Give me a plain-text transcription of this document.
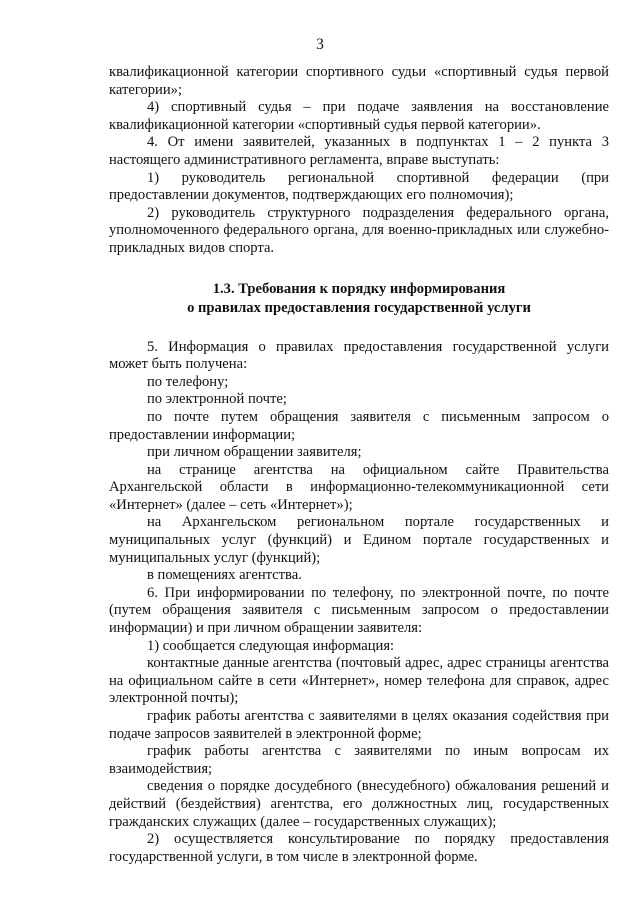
3

квалификационной категории спортивного судьи «спортивный судья первой категории»;

4) спортивный судья – при подаче заявления на восстановление квалификационной категории «спортивный судья первой категории».

4. От имени заявителей, указанных в подпунктах 1 – 2 пункта 3 настоящего административного регламента, вправе выступать:

1) руководитель региональной спортивной федерации (при предоставлении документов, подтверждающих его полномочия);

2) руководитель структурного подразделения федерального органа, уполномоченного федерального органа, для военно-прикладных или служебно-прикладных видов спорта.

1.3. Требования к порядку информирования
о правилах предоставления государственной услуги

5. Информация о правилах предоставления государственной услуги может быть получена:

по телефону;

по электронной почте;

по почте путем обращения заявителя с письменным запросом о предоставлении информации;

при личном обращении заявителя;

на странице агентства на официальном сайте Правительства Архангельской области в информационно-телекоммуникационной сети «Интернет» (далее – сеть «Интернет»);

на Архангельском региональном портале государственных и муниципальных услуг (функций) и Едином портале государственных и муниципальных услуг (функций);

в помещениях агентства.

6. При информировании по телефону, по электронной почте, по почте (путем обращения заявителя с письменным запросом о предоставлении информации) и при личном обращении заявителя:

1) сообщается следующая информация:

контактные данные агентства (почтовый адрес, адрес страницы агентства на официальном сайте в сети «Интернет», номер телефона для справок, адрес электронной почты);

график работы агентства с заявителями в целях оказания содействия при подаче запросов заявителей в электронной форме;

график работы агентства с заявителями по иным вопросам их взаимодействия;

сведения о порядке досудебного (внесудебного) обжалования решений и действий (бездействия) агентства, его должностных лиц, государственных гражданских служащих (далее – государственных служащих);

2) осуществляется консультирование по порядку предоставления государственной услуги, в том числе в электронной форме.
